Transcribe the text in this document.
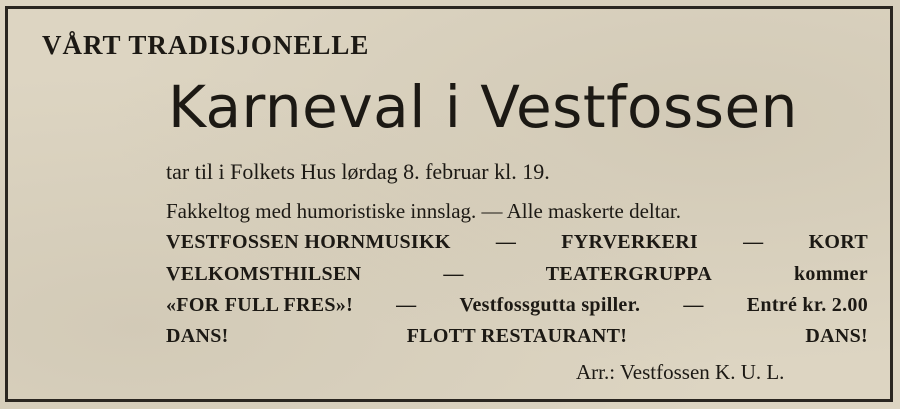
VÅRT TRADISJONELLE
Karneval i Vestfossen
tar til i Folkets Hus lørdag 8. februar kl. 19.
Fakkeltog med humoristiske innslag. — Alle maskerte deltar.
VESTFOSSEN HORNMUSIKK — FYRVERKERI — KORT
VELKOMSTHILSEN	—	TEATERGRUPPA	kommer
«FOR FULL FRES»! — Vestfossgutta spiller. — Entré kr. 2.00
DANS!	FLOTT RESTAURANT!	DANS!
Arr.: Vestfossen K. U. L.
